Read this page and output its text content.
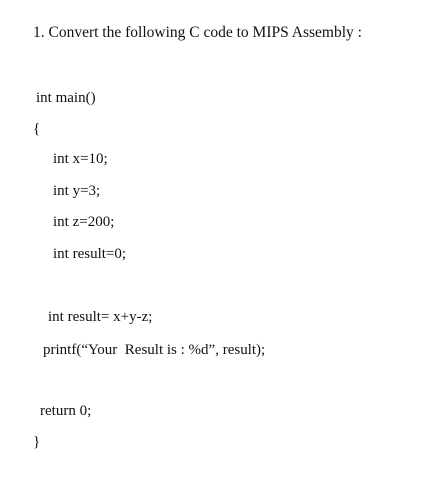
1. Convert the following C code to MIPS Assembly :
int main()
{
int x=10;
int y=3;
int z=200;
int result=0;
int result= x+y-z;
printf(“Your  Result is : %d”, result);
return 0;
}
